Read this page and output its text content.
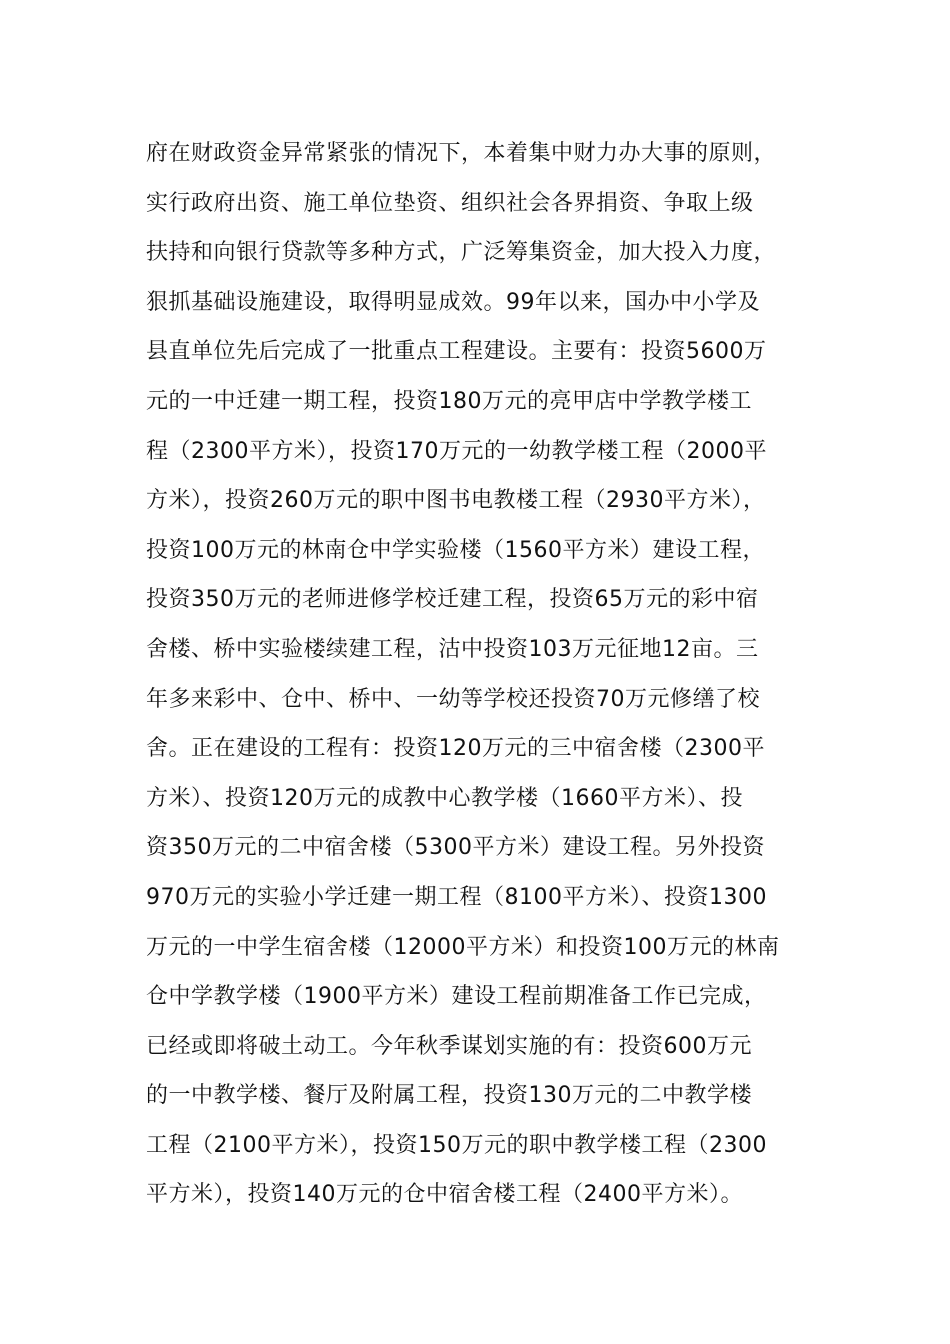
府在财政资金异常紧张的情况下，本着集中财力办大事的原则，
实行政府出资、施工单位垫资、组织社会各界捐资、争取上级
扶持和向银行贷款等多种方式，广泛筹集资金，加大投入力度，
狠抓基础设施建设，取得明显成效。99年以来，国办中小学及
县直单位先后完成了一批重点工程建设。主要有：投资5600万
元的一中迁建一期工程，投资180万元的亮甲店中学教学楼工
程（2300平方米），投资170万元的一幼教学楼工程（2000平
方米），投资260万元的职中图书电教楼工程（2930平方米），
投资100万元的林南仓中学实验楼（1560平方米）建设工程，
投资350万元的老师进修学校迁建工程，投资65万元的彩中宿
舍楼、桥中实验楼续建工程，沽中投资103万元征地12亩。三
年多来彩中、仓中、桥中、一幼等学校还投资70万元修缮了校
舍。正在建设的工程有：投资120万元的三中宿舍楼（2300平
方米）、投资120万元的成教中心教学楼（1660平方米）、投
资350万元的二中宿舍楼（5300平方米）建设工程。另外投资
970万元的实验小学迁建一期工程（8100平方米）、投资1300
万元的一中学生宿舍楼（12000平方米）和投资100万元的林南
仓中学教学楼（1900平方米）建设工程前期准备工作已完成，
已经或即将破土动工。今年秋季谋划实施的有：投资600万元
的一中教学楼、餐厅及附属工程，投资130万元的二中教学楼
工程（2100平方米），投资150万元的职中教学楼工程（2300
平方米），投资140万元的仓中宿舍楼工程（2400平方米）。
